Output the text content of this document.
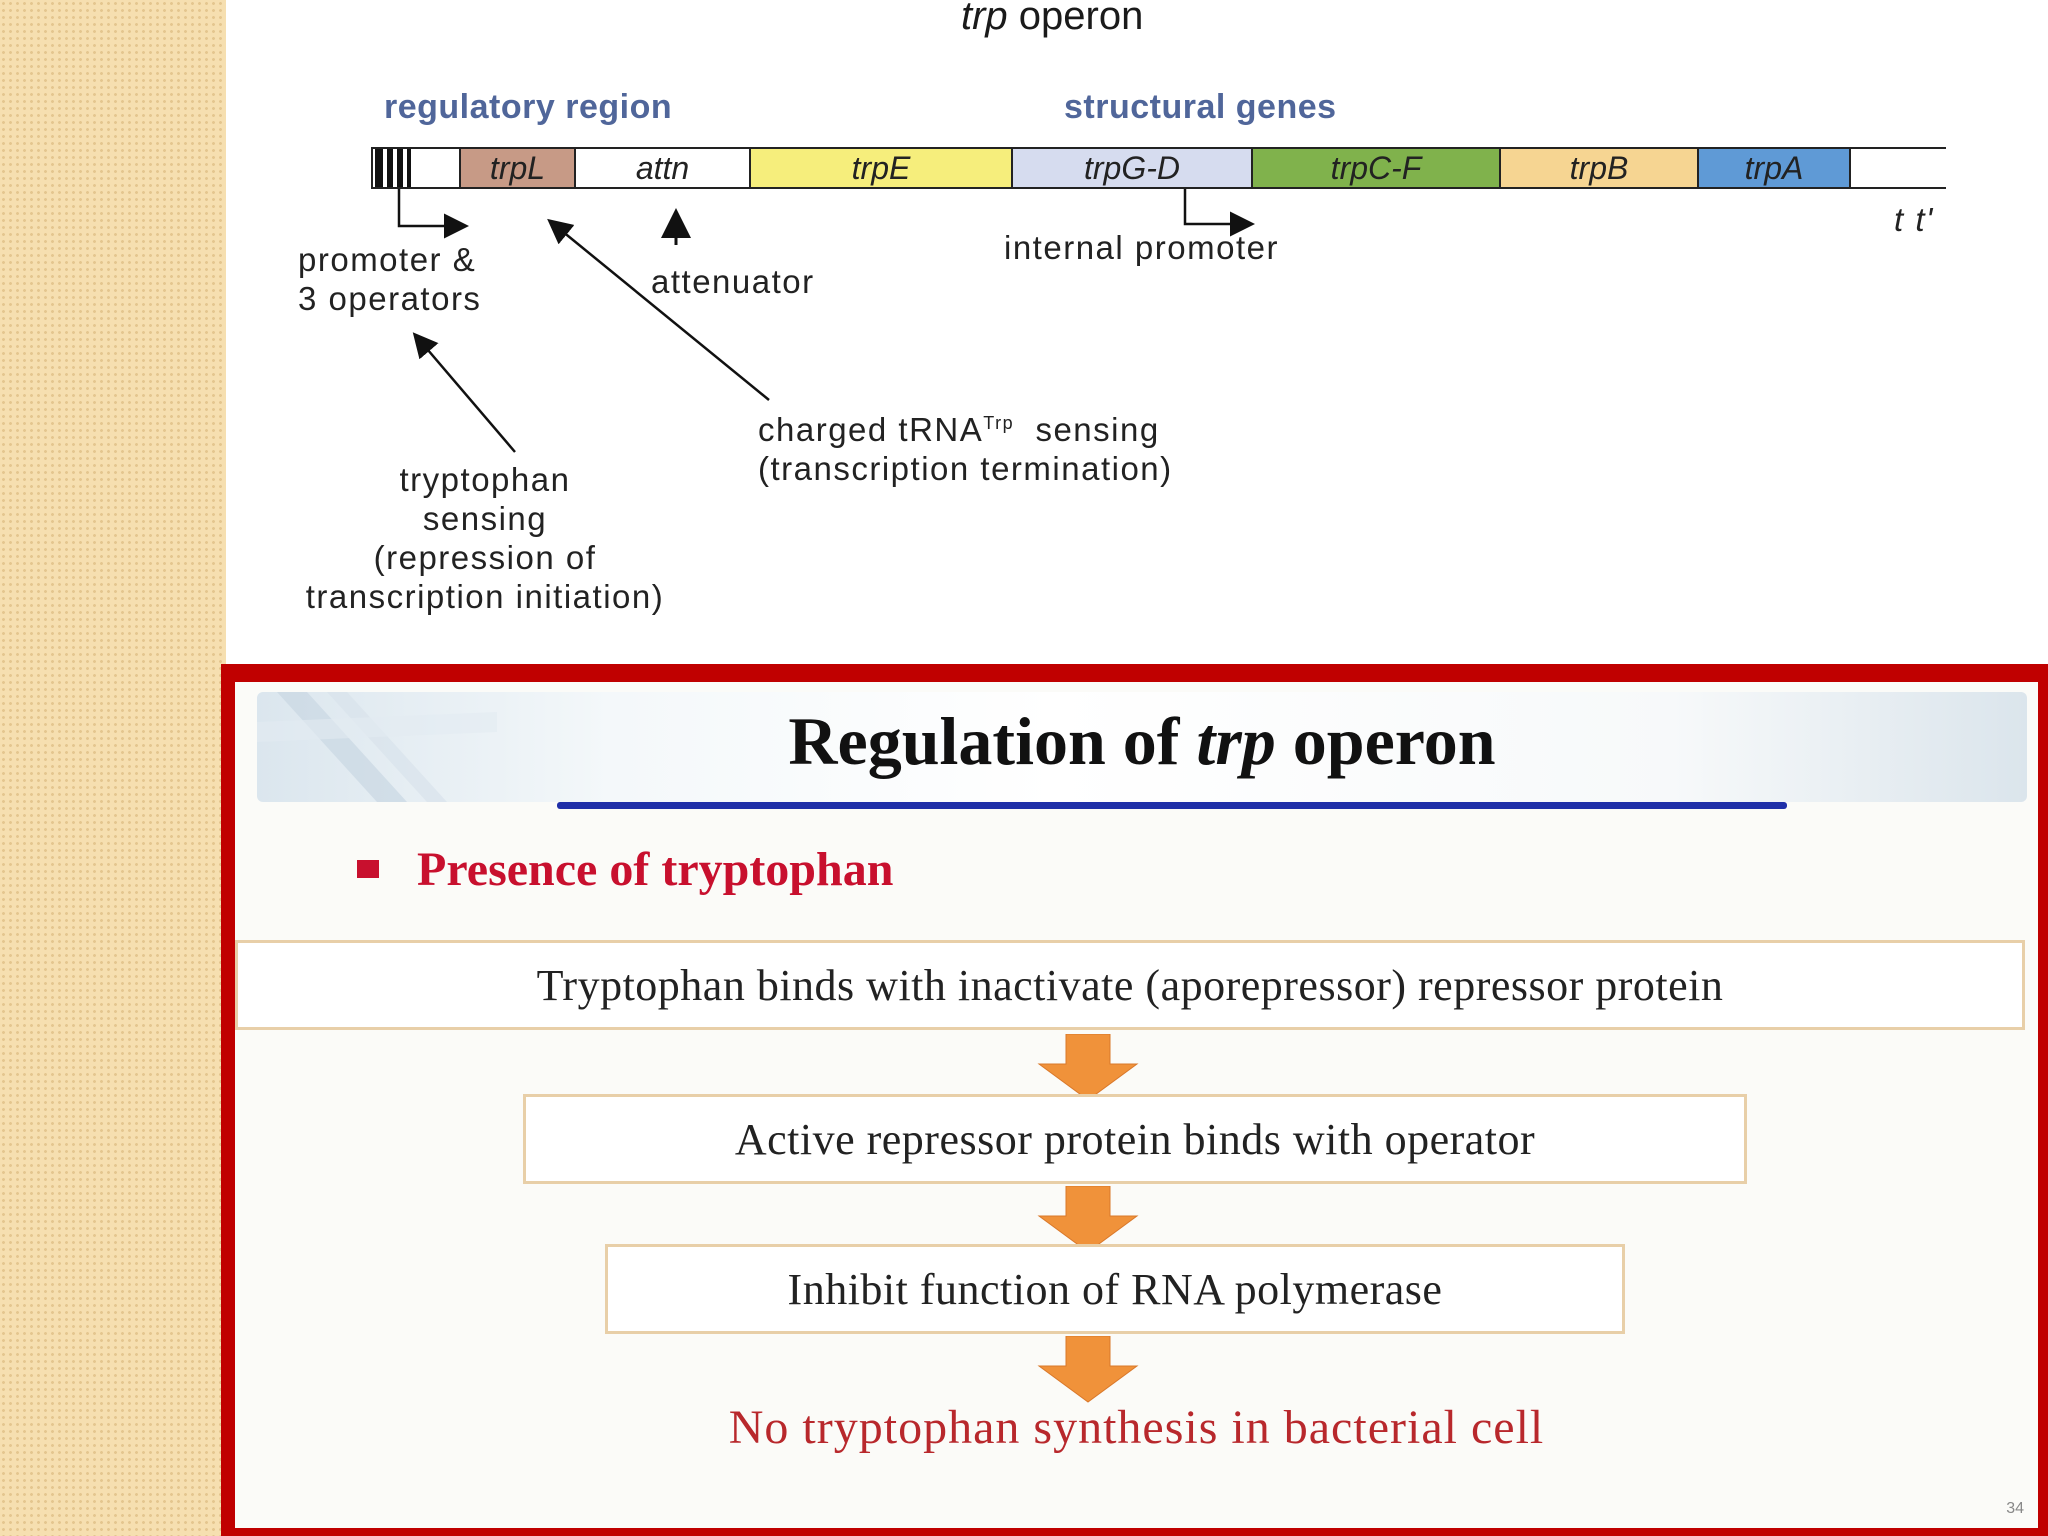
trp operon
regulatory region	structural genes
trpL	attn	trpE	trpG-D	trpC-F	trpB	trpA
t t'
promoter &
3 operators	attenuator
internal promoter
charged tRNA$^{Trp}$ sensing
(transcription termination)
tryptophan
sensing
(repression of
transcription initiation)
Regulation of trp operon
Presence of tryptophan
Tryptophan binds with inactivate (aporepressor) repressor protein
Active repressor protein binds with operator
Inhibit function of RNA polymerase
No tryptophan synthesis in bacterial cell
34
